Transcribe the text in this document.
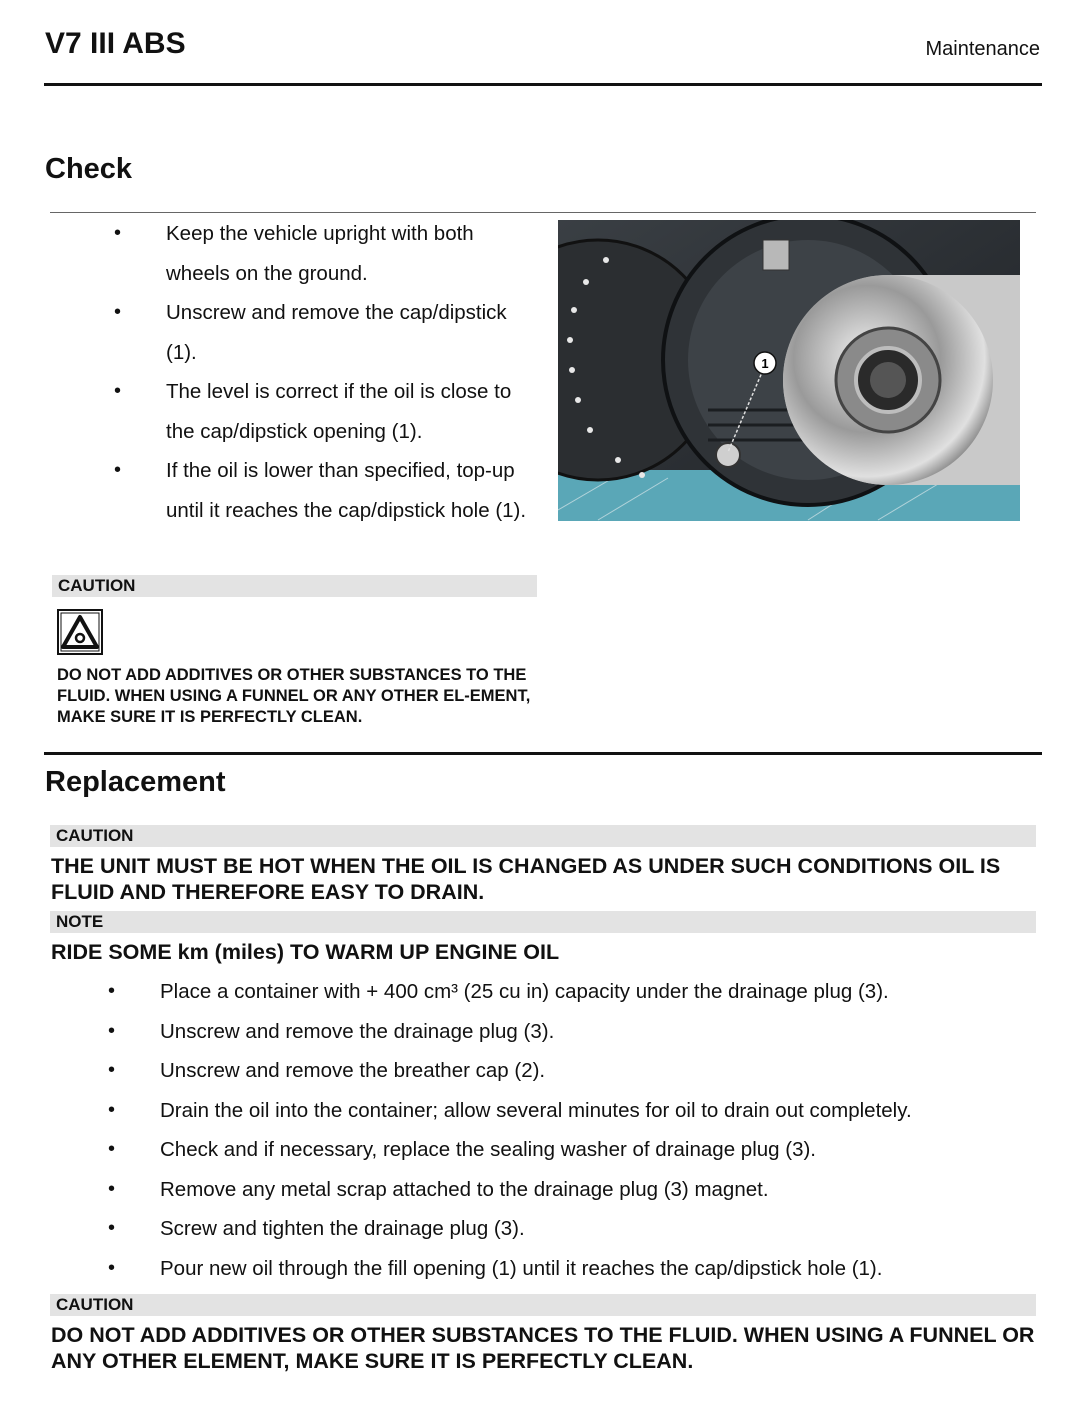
V7 III ABS	Maintenance
Check
• Keep the vehicle upright with both wheels on the ground.
• Unscrew and remove the cap/dipstick (1).
• The level is correct if the oil is close to the cap/dipstick opening (1).
• If the oil is lower than specified, top-up until it reaches the cap/dipstick hole (1).
CAUTION
DO NOT ADD ADDITIVES OR OTHER SUBSTANCES TO THE FLUID. WHEN USING A FUNNEL OR ANY OTHER EL-EMENT, MAKE SURE IT IS PERFECTLY CLEAN.
1
Replacement
CAUTION
THE UNIT MUST BE HOT WHEN THE OIL IS CHANGED AS UNDER SUCH CONDITIONS OIL IS FLUID AND THEREFORE EASY TO DRAIN.
NOTE
RIDE SOME km (miles) TO WARM UP ENGINE OIL
• Place a container with + 400 cm³ (25 cu in) capacity under the drainage plug (3).
• Unscrew and remove the drainage plug (3).
• Unscrew and remove the breather cap (2).
• Drain the oil into the container; allow several minutes for oil to drain out completely.
• Check and if necessary, replace the sealing washer of drainage plug (3).
• Remove any metal scrap attached to the drainage plug (3) magnet.
• Screw and tighten the drainage plug (3).
• Pour new oil through the fill opening (1) until it reaches the cap/dipstick hole (1).
CAUTION
DO NOT ADD ADDITIVES OR OTHER SUBSTANCES TO THE FLUID. WHEN USING A FUNNEL OR ANY OTHER ELEMENT, MAKE SURE IT IS PERFECTLY CLEAN.
